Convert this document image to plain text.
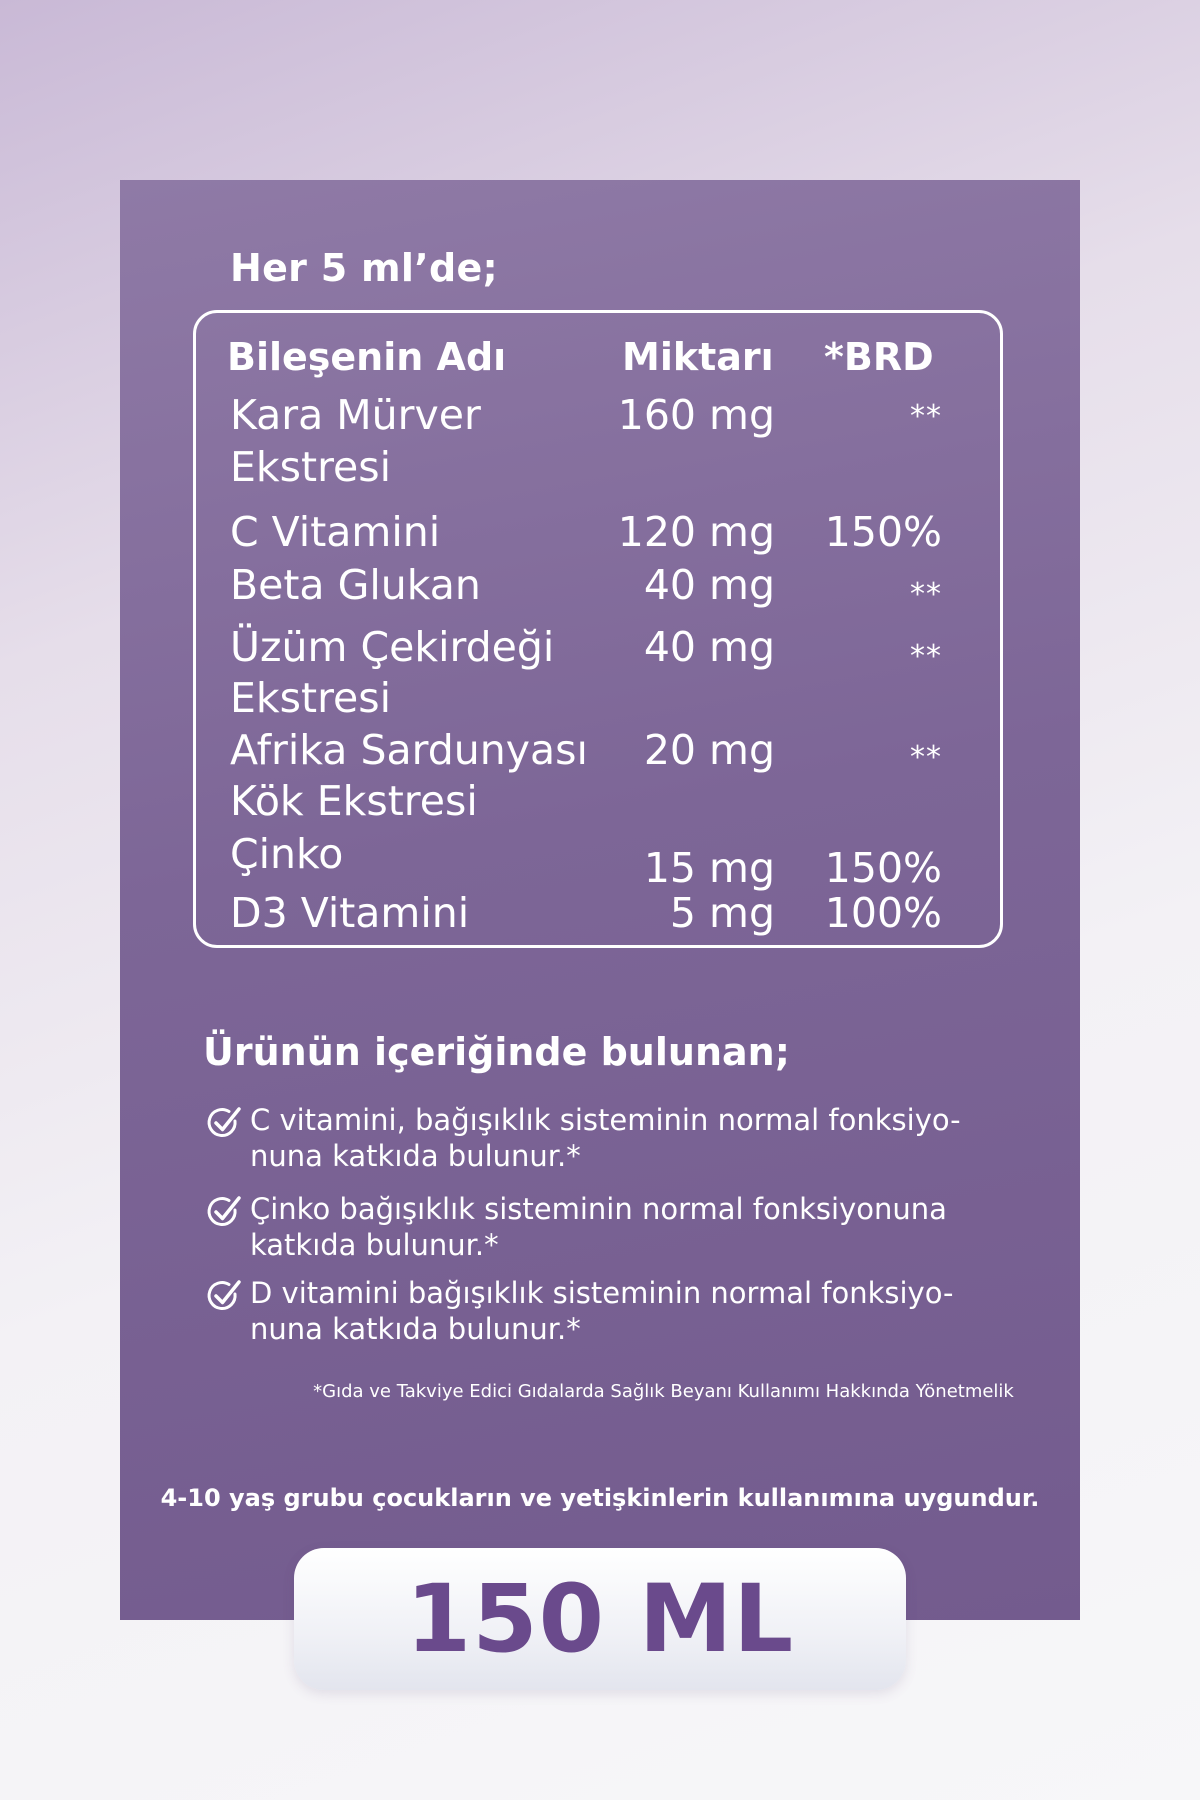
Her 5 ml’de;
Bileşenin Adı	Miktarı *BRD
Kara Mürver
Ekstresi
160 mg	**
C Vitamini	120 mg 150%
Beta Glukan	40 mg	**
Üzüm Çekirdeği
Ekstresi
40 mg	**
Afrika Sardunyası
Kök Ekstresi
20 mg	**
Çinko	15 mg 150%
D3 Vitamini	5 mg 100%
Ürünün içeriğinde bulunan;
C vitamini, bağışıklık sisteminin normal fonksiyo-
nuna katkıda bulunur.*
Çinko bağışıklık sisteminin normal fonksiyonuna
katkıda bulunur.*
D vitamini bağışıklık sisteminin normal fonksiyo-
nuna katkıda bulunur.*
*Gıda ve Takviye Edici Gıdalarda Sağlık Beyanı Kullanımı Hakkında Yönetmelik
4-10 yaş grubu çocukların ve yetişkinlerin kullanımına uygundur.
150 ML
